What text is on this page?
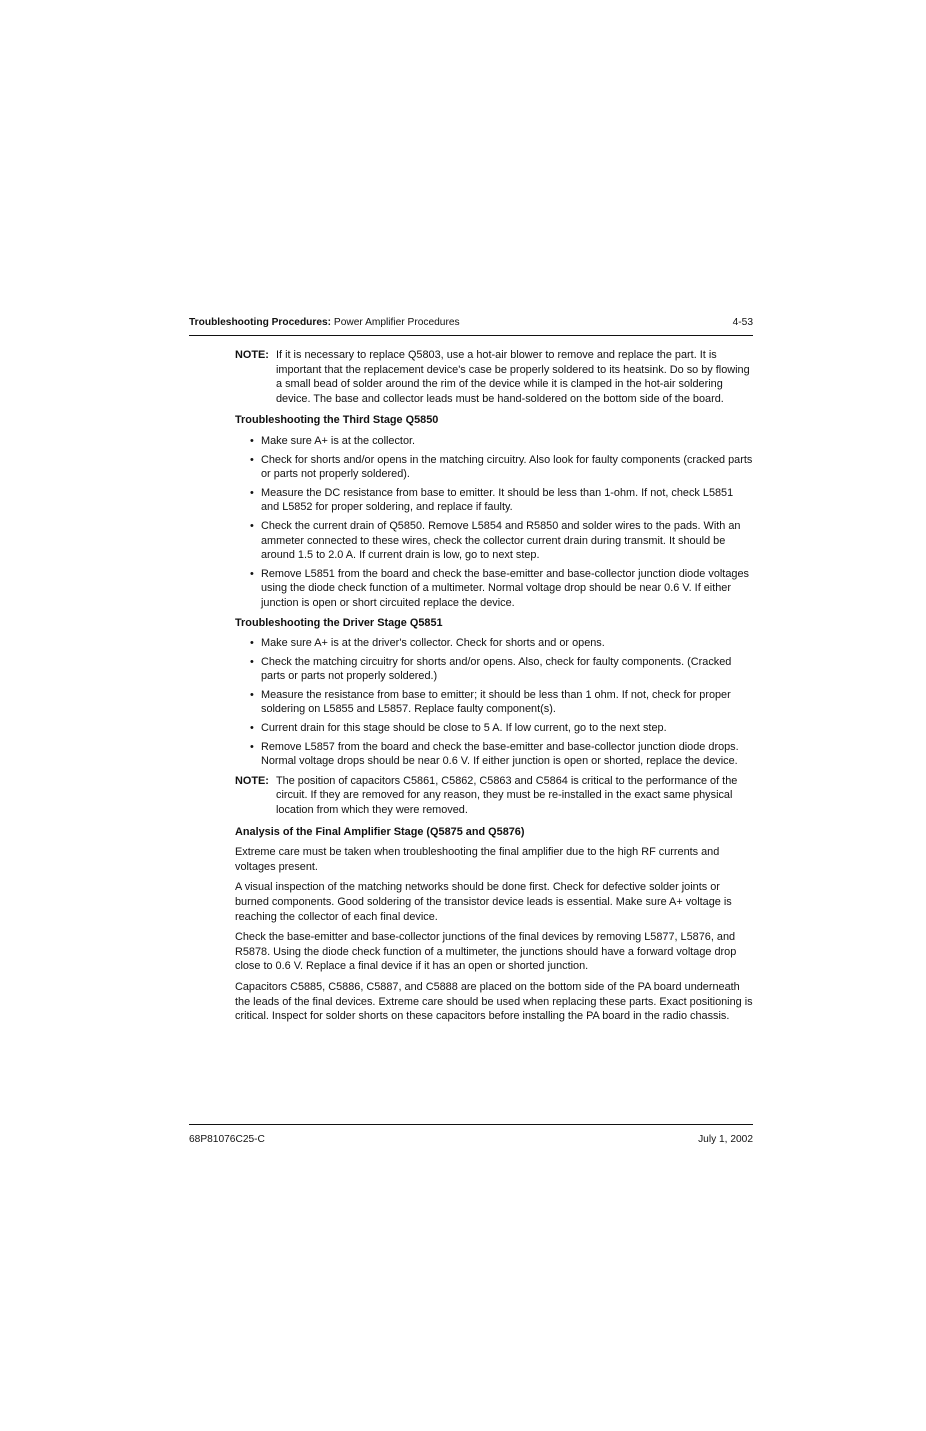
Troubleshooting Procedures: Power Amplifier Procedures	4-53
NOTE: If it is necessary to replace Q5803, use a hot-air blower to remove and replace the part. It is important that the replacement device's case be properly soldered to its heatsink. Do so by flowing a small bead of solder around the rim of the device while it is clamped in the hot-air soldering device. The base and collector leads must be hand-soldered on the bottom side of the board.
Troubleshooting the Third Stage Q5850
• Make sure A+ is at the collector.
• Check for shorts and/or opens in the matching circuitry. Also look for faulty components (cracked parts or parts not properly soldered).
• Measure the DC resistance from base to emitter. It should be less than 1-ohm. If not, check L5851 and L5852 for proper soldering, and replace if faulty.
• Check the current drain of Q5850. Remove L5854 and R5850 and solder wires to the pads. With an ammeter connected to these wires, check the collector current drain during transmit. It should be around 1.5 to 2.0 A. If current drain is low, go to next step.
• Remove L5851 from the board and check the base-emitter and base-collector junction diode voltages using the diode check function of a multimeter. Normal voltage drop should be near 0.6 V. If either junction is open or short circuited replace the device.
Troubleshooting the Driver Stage Q5851
• Make sure A+ is at the driver's collector. Check for shorts and or opens.
• Check the matching circuitry for shorts and/or opens. Also, check for faulty components. (Cracked parts or parts not properly soldered.)
• Measure the resistance from base to emitter; it should be less than 1 ohm. If not, check for proper soldering on L5855 and L5857. Replace faulty component(s).
• Current drain for this stage should be close to 5 A. If low current, go to the next step.
• Remove L5857 from the board and check the base-emitter and base-collector junction diode drops. Normal voltage drops should be near 0.6 V. If either junction is open or shorted, replace the device.
NOTE: The position of capacitors C5861, C5862, C5863 and C5864 is critical to the performance of the circuit. If they are removed for any reason, they must be re-installed in the exact same physical location from which they were removed.
Analysis of the Final Amplifier Stage (Q5875 and Q5876)

Extreme care must be taken when troubleshooting the final amplifier due to the high RF currents and voltages present.

A visual inspection of the matching networks should be done first. Check for defective solder joints or burned components. Good soldering of the transistor device leads is essential. Make sure A+ voltage is reaching the collector of each final device.

Check the base-emitter and base-collector junctions of the final devices by removing L5877, L5876, and R5878. Using the diode check function of a multimeter, the junctions should have a forward voltage drop close to 0.6 V. Replace a final device if it has an open or shorted junction.

Capacitors C5885, C5886, C5887, and C5888 are placed on the bottom side of the PA board underneath the leads of the final devices. Extreme care should be used when replacing these parts. Exact positioning is critical. Inspect for solder shorts on these capacitors before installing the PA board in the radio chassis.

68P81076C25-C	July 1, 2002
